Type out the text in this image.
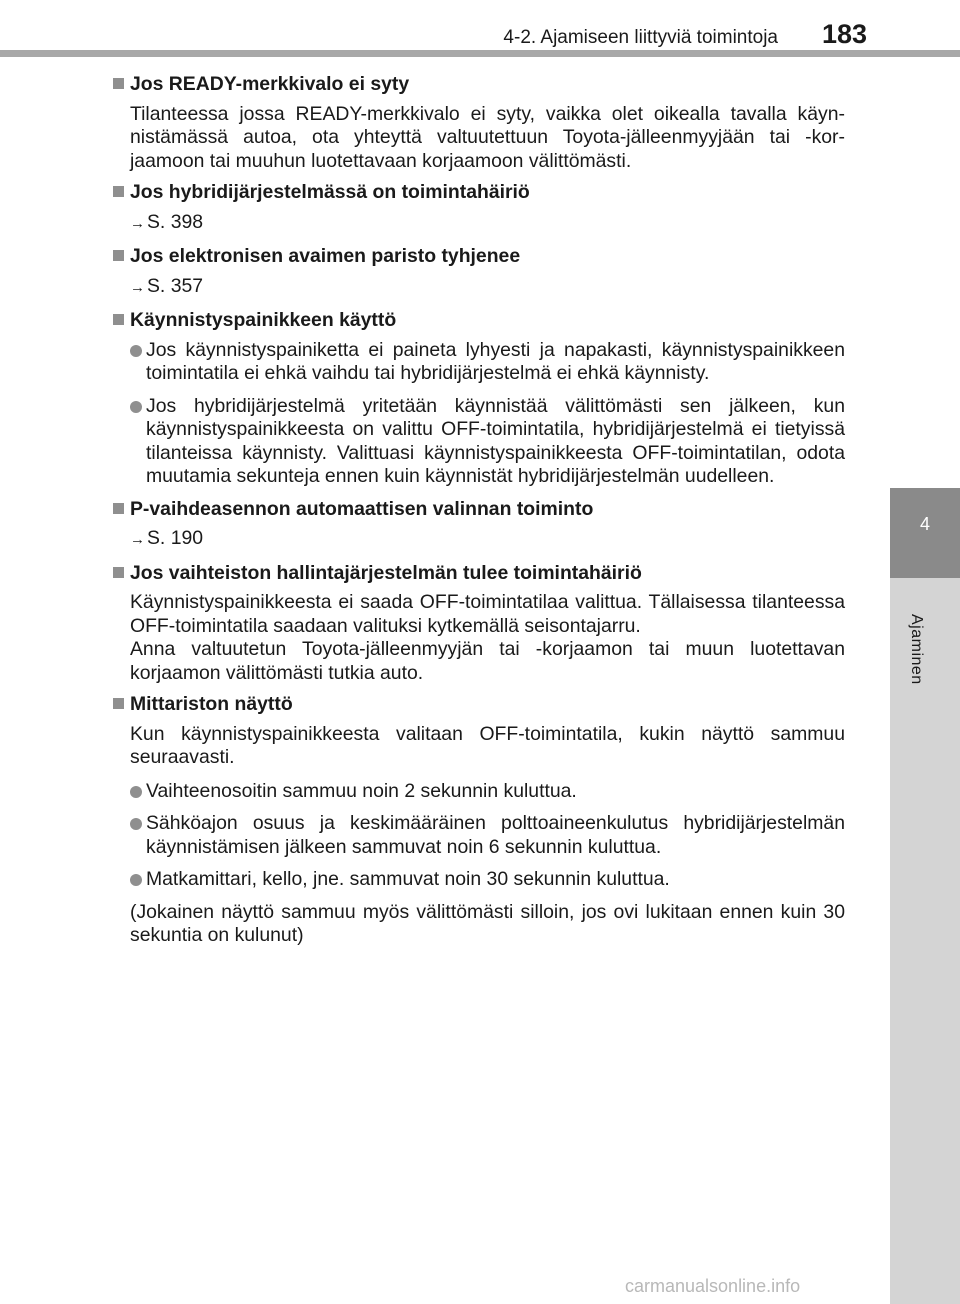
4-2. Ajamiseen liittyviä toimintoja 183
4
Ajaminen
Jos READY-merkkivalo ei syty
Tilanteessa jossa READY-merkkivalo ei syty, vaikka olet oikealla tavalla käynnistämässä autoa, ota yhteyttä valtuutettuun Toyota-jälleenmyyjään tai -korjaamoon tai muuhun luotettavaan korjaamoon välittömästi.
Jos hybridijärjestelmässä on toimintahäiriö
→ S. 398
Jos elektronisen avaimen paristo tyhjenee
→ S. 357
Käynnistyspainikkeen käyttö
Jos käynnistyspainiketta ei paineta lyhyesti ja napakasti, käynnistyspainikkeen toimintatila ei ehkä vaihdu tai hybridijärjestelmä ei ehkä käynnisty.
Jos hybridijärjestelmä yritetään käynnistää välittömästi sen jälkeen, kun käynnistyspainikkeesta on valittu OFF-toimintatila, hybridijärjestelmä ei tietyissä tilanteissa käynnisty. Valittuasi käynnistyspainikkeesta OFF-toimintatilan, odota muutamia sekunteja ennen kuin käynnistät hybridijärjestelmän uudelleen.
P-vaihdeasennon automaattisen valinnan toiminto
→ S. 190
Jos vaihteiston hallintajärjestelmän tulee toimintahäiriö
Käynnistyspainikkeesta ei saada OFF-toimintatilaa valittua. Tällaisessa tilanteessa OFF-toimintatila saadaan valituksi kytkemällä seisontajarru.
Anna valtuutetun Toyota-jälleenmyyjän tai -korjaamon tai muun luotettavan korjaamon välittömästi tutkia auto.
Mittariston näyttö
Kun käynnistyspainikkeesta valitaan OFF-toimintatila, kukin näyttö sammuu seuraavasti.
Vaihteenosoitin sammuu noin 2 sekunnin kuluttua.
Sähköajon osuus ja keskimääräinen polttoaineenkulutus hybridijärjestelmän käynnistämisen jälkeen sammuvat noin 6 sekunnin kuluttua.
Matkamittari, kello, jne. sammuvat noin 30 sekunnin kuluttua.
(Jokainen näyttö sammuu myös välittömästi silloin, jos ovi lukitaan ennen kuin 30 sekuntia on kulunut)
carmanualsonline.info
